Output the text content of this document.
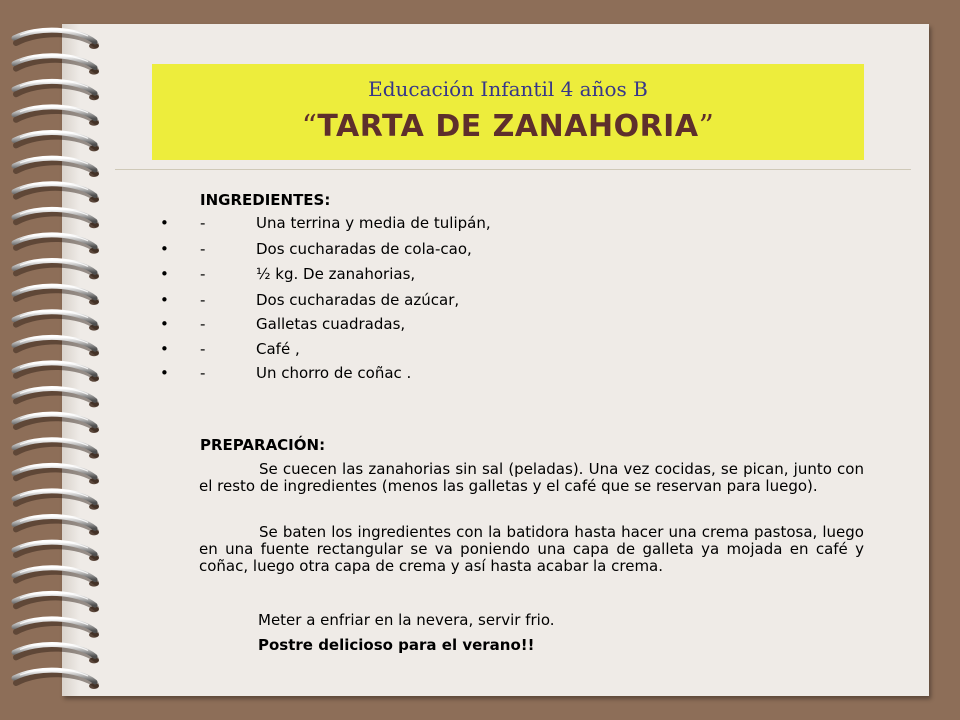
Educación Infantil 4 años B
“TARTA DE ZANAHORIA”
INGREDIENTES:
• -	Una terrina y media de tulipán,
• -	Dos cucharadas de cola-cao,
• -	½ kg. De zanahorias,
• -	Dos cucharadas de azúcar,
• -	Galletas cuadradas,
• -	Café ,
• -	Un chorro de coñac .
PREPARACIÓN:
Se cuecen las zanahorias sin sal (peladas). Una vez cocidas, se pican, junto con el resto de ingredientes (menos las galletas y el café que se reservan para luego).
Se baten los ingredientes con la batidora hasta hacer una crema pastosa, luego en una fuente rectangular se va poniendo una capa de galleta ya mojada en café y coñac, luego otra capa de crema y así hasta acabar la crema.
Meter a enfriar en la nevera, servir frio.
Postre delicioso para el verano!!
